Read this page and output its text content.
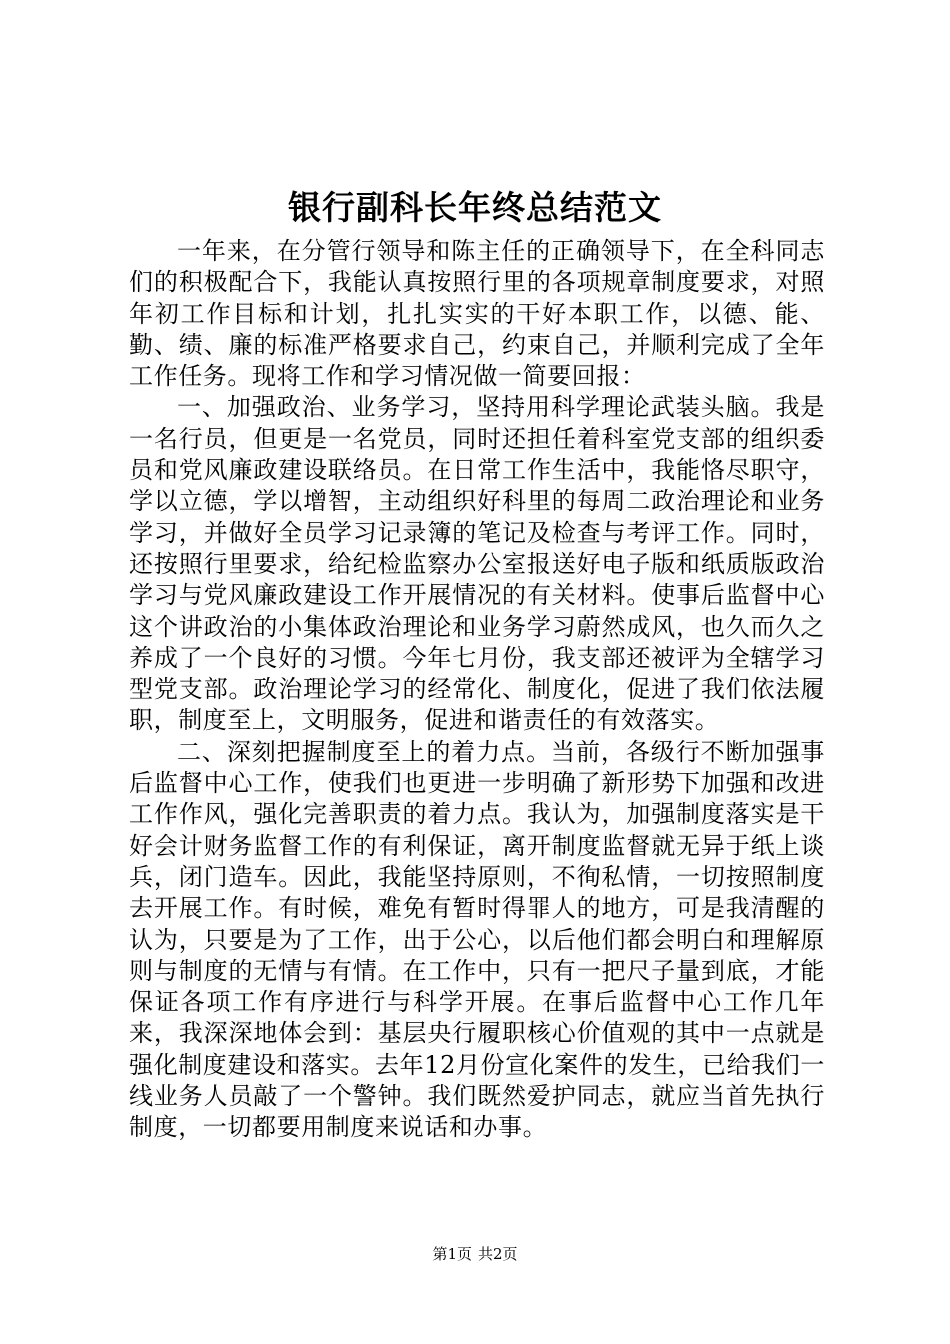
银行副科长年终总结范文

一年来，在分管行领导和陈主任的正确领导下，在全科同志们的积极配合下，我能认真按照行里的各项规章制度要求，对照年初工作目标和计划，扎扎实实的干好本职工作，以德、能、勤、绩、廉的标准严格要求自己，约束自己，并顺利完成了全年工作任务。现将工作和学习情况做一简要回报：

一、加强政治、业务学习，坚持用科学理论武装头脑。我是一名行员，但更是一名党员，同时还担任着科室党支部的组织委员和党风廉政建设联络员。在日常工作生活中，我能恪尽职守，学以立德，学以增智，主动组织好科里的每周二政治理论和业务学习，并做好全员学习记录簿的笔记及检查与考评工作。同时，还按照行里要求，给纪检监察办公室报送好电子版和纸质版政治学习与党风廉政建设工作开展情况的有关材料。使事后监督中心这个讲政治的小集体政治理论和业务学习蔚然成风，也久而久之养成了一个良好的习惯。今年七月份，我支部还被评为全辖学习型党支部。政治理论学习的经常化、制度化，促进了我们依法履职，制度至上，文明服务，促进和谐责任的有效落实。

二、深刻把握制度至上的着力点。当前，各级行不断加强事后监督中心工作，使我们也更进一步明确了新形势下加强和改进工作作风，强化完善职责的着力点。我认为，加强制度落实是干好会计财务监督工作的有利保证，离开制度监督就无异于纸上谈兵，闭门造车。因此，我能坚持原则，不徇私情，一切按照制度去开展工作。有时候，难免有暂时得罪人的地方，可是我清醒的认为，只要是为了工作，出于公心，以后他们都会明白和理解原则与制度的无情与有情。在工作中，只有一把尺子量到底，才能保证各项工作有序进行与科学开展。在事后监督中心工作几年来，我深深地体会到：基层央行履职核心价值观的其中一点就是强化制度建设和落实。去年12月份宣化案件的发生，已给我们一线业务人员敲了一个警钟。我们既然爱护同志，就应当首先执行制度，一切都要用制度来说话和办事。

第1页 共2页
